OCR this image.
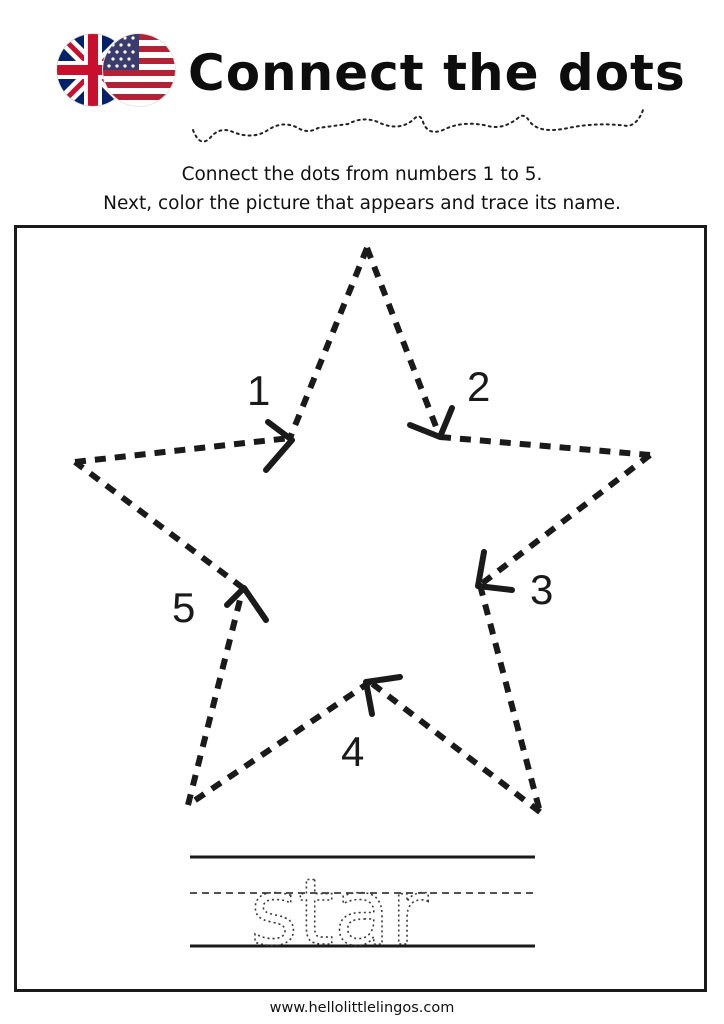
Connect the dots
Connect the dots from numbers 1 to 5.
Next, color the picture that appears and trace its name.
1	2
3
4
5
star
www.hellolittlelingos.com
